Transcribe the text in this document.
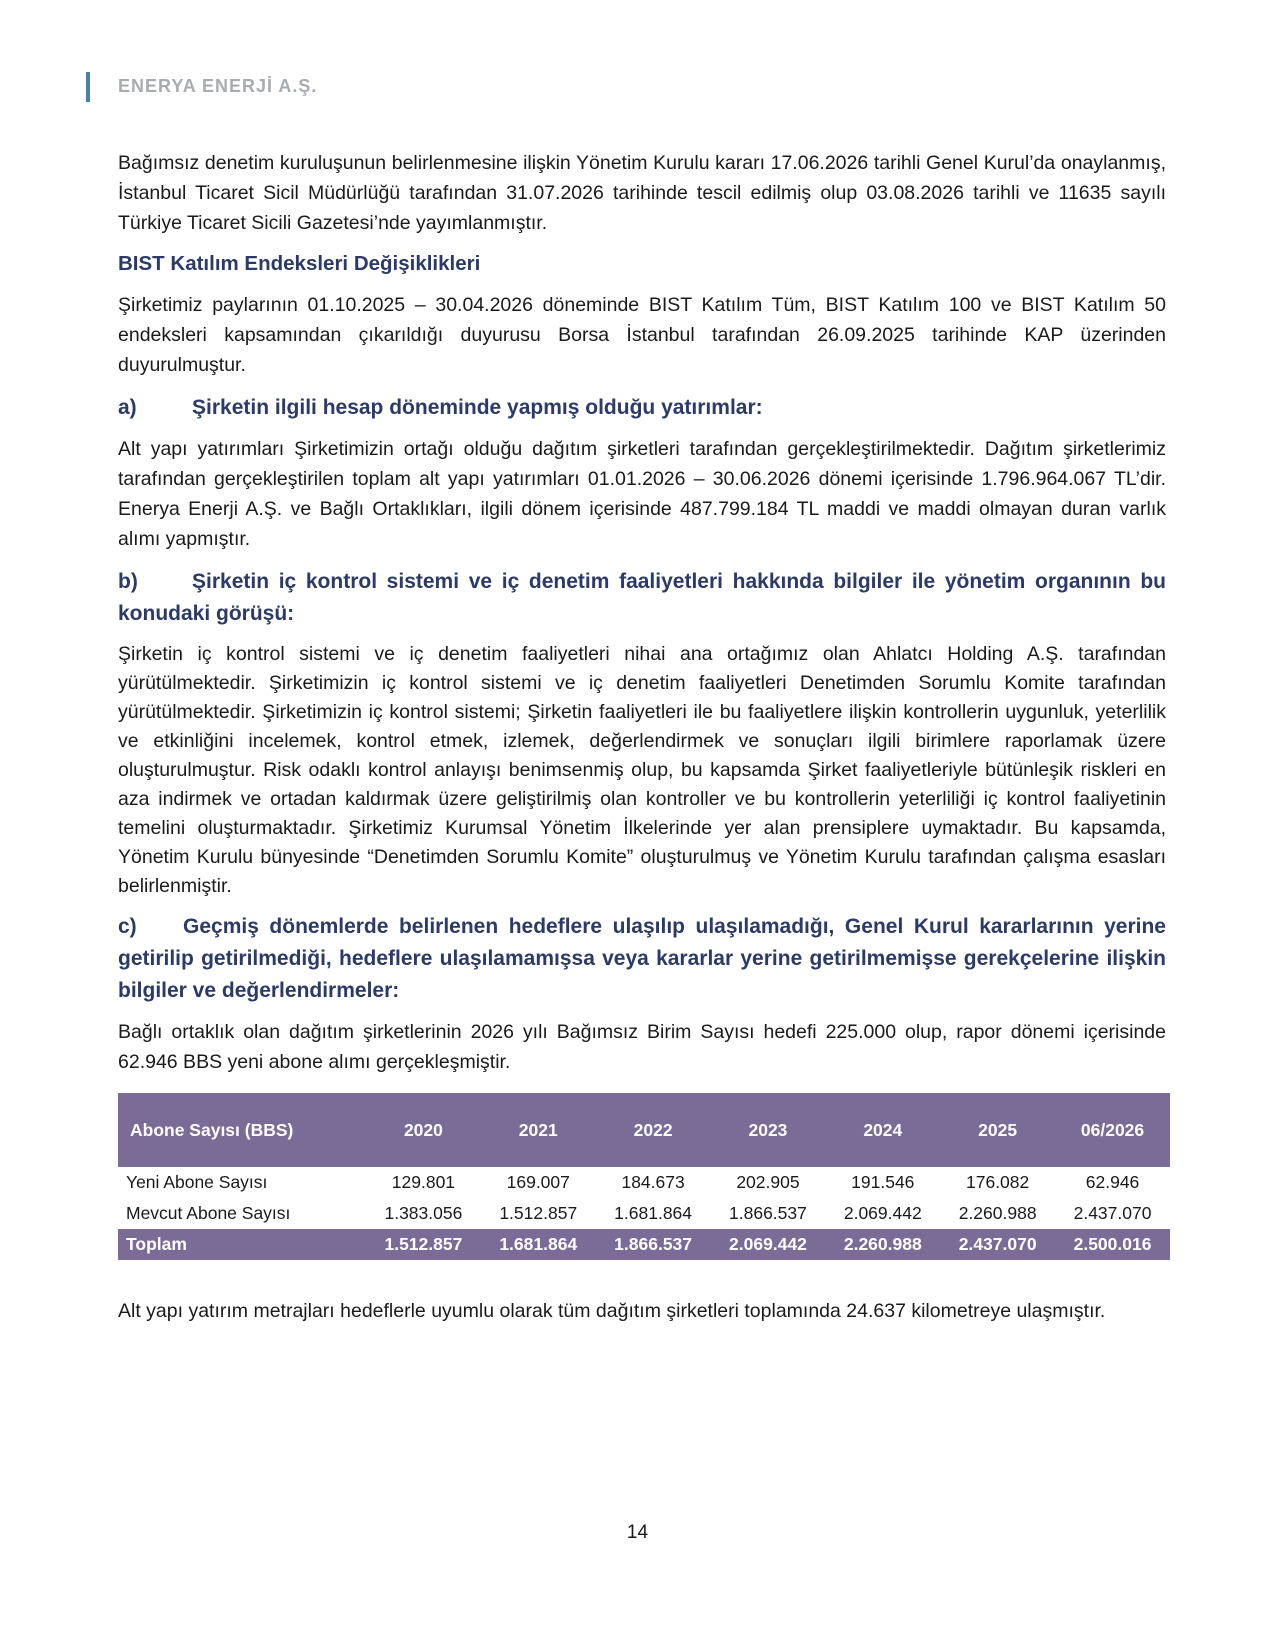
ENERYA ENERJİ A.Ş.

Bağımsız denetim kuruluşunun belirlenmesine ilişkin Yönetim Kurulu kararı 17.06.2026 tarihli Genel Kurul’da onaylanmış, İstanbul Ticaret Sicil Müdürlüğü tarafından 31.07.2026 tarihinde tescil edilmiş olup 03.08.2026 tarihli ve 11635 sayılı Türkiye Ticaret Sicili Gazetesi’nde yayımlanmıştır.

BIST Katılım Endeksleri Değişiklikleri

Şirketimiz paylarının 01.10.2025 – 30.04.2026 döneminde BIST Katılım Tüm, BIST Katılım 100 ve BIST Katılım 50 endeksleri kapsamından çıkarıldığı duyurusu Borsa İstanbul tarafından 26.09.2025 tarihinde KAP üzerinden duyurulmuştur.

a)	Şirketin ilgili hesap döneminde yapmış olduğu yatırımlar:

Alt yapı yatırımları Şirketimizin ortağı olduğu dağıtım şirketleri tarafından gerçekleştirilmektedir. Dağıtım şirketlerimiz tarafından gerçekleştirilen toplam alt yapı yatırımları 01.01.2026 – 30.06.2026 dönemi içerisinde 1.796.964.067 TL’dir. Enerya Enerji A.Ş. ve Bağlı Ortaklıkları, ilgili dönem içerisinde 487.799.184 TL maddi ve maddi olmayan duran varlık alımı yapmıştır.

b)	Şirketin iç kontrol sistemi ve iç denetim faaliyetleri hakkında bilgiler ile yönetim organının bu konudaki görüşü:

Şirketin iç kontrol sistemi ve iç denetim faaliyetleri nihai ana ortağımız olan Ahlatcı Holding A.Ş. tarafından yürütülmektedir. Şirketimizin iç kontrol sistemi ve iç denetim faaliyetleri Denetimden Sorumlu Komite tarafından yürütülmektedir. Şirketimizin iç kontrol sistemi; Şirketin faaliyetleri ile bu faaliyetlere ilişkin kontrollerin uygunluk, yeterlilik ve etkinliğini incelemek, kontrol etmek, izlemek, değerlendirmek ve sonuçları ilgili birimlere raporlamak üzere oluşturulmuştur. Risk odaklı kontrol anlayışı benimsenmiş olup, bu kapsamda Şirket faaliyetleriyle bütünleşik riskleri en aza indirmek ve ortadan kaldırmak üzere geliştirilmiş olan kontroller ve bu kontrollerin yeterliliği iç kontrol faaliyetinin temelini oluşturmaktadır. Şirketimiz Kurumsal Yönetim İlkelerinde yer alan prensiplere uymaktadır. Bu kapsamda, Yönetim Kurulu bünyesinde “Denetimden Sorumlu Komite” oluşturulmuş ve Yönetim Kurulu tarafından çalışma esasları belirlenmiştir.

c) Geçmiş dönemlerde belirlenen hedeflere ulaşılıp ulaşılamadığı, Genel Kurul kararlarının yerine getirilip getirilmediği, hedeflere ulaşılamamışsa veya kararlar yerine getirilmemişse gerekçelerine ilişkin bilgiler ve değerlendirmeler:

Bağlı ortaklık olan dağıtım şirketlerinin 2026 yılı Bağımsız Birim Sayısı hedefi 225.000 olup, rapor dönemi içerisinde 62.946 BBS yeni abone alımı gerçekleşmiştir.

Abone Sayısı (BBS)	2020	2021	2022	2023	2024	2025	06/2026
Yeni Abone Sayısı	129.801	169.007	184.673	202.905	191.546	176.082	62.946
Mevcut Abone Sayısı	1.383.056	1.512.857	1.681.864	1.866.537	2.069.442	2.260.988	2.437.070
Toplam	1.512.857	1.681.864	1.866.537	2.069.442	2.260.988	2.437.070	2.500.016

Alt yapı yatırım metrajları hedeflerle uyumlu olarak tüm dağıtım şirketleri toplamında 24.637 kilometreye ulaşmıştır.

14
